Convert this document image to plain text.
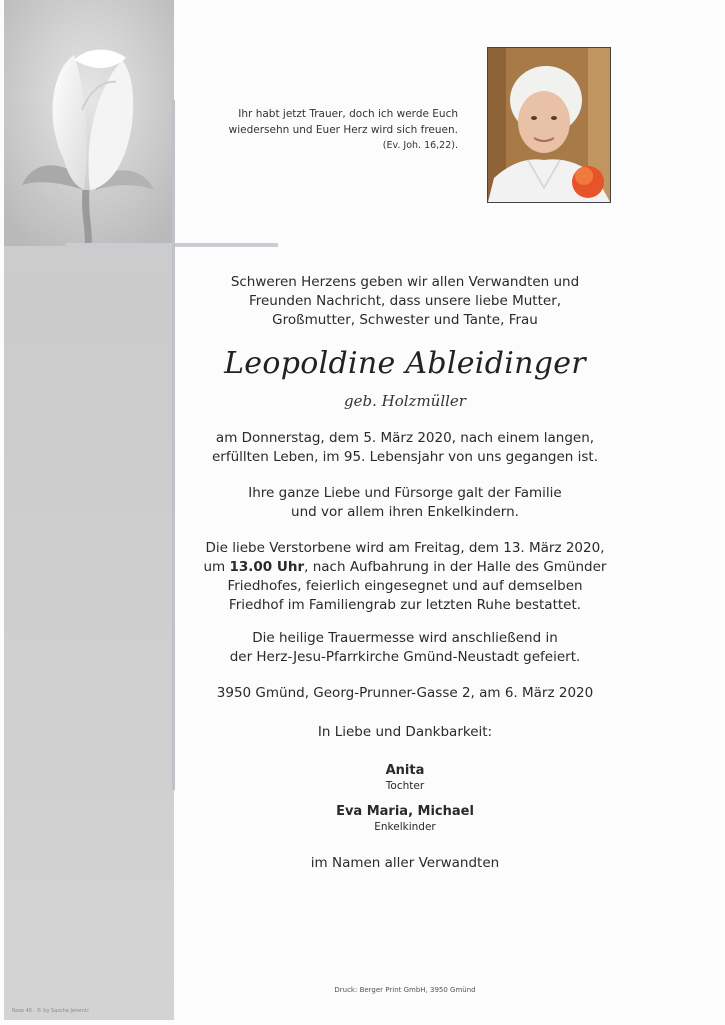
Ihr habt jetzt Trauer, doch ich werde Euch
wiedersehn und Euer Herz wird sich freuen.
(Ev. Joh. 16,22).
Schweren Herzens geben wir allen Verwandten und
Freunden Nachricht, dass unsere liebe Mutter,
Großmutter, Schwester und Tante, Frau
Leopoldine Ableidinger
geb. Holzmüller
am Donnerstag, dem 5. März 2020, nach einem langen,
erfüllten Leben, im 95. Lebensjahr von uns gegangen ist.
Ihre ganze Liebe und Fürsorge galt der Familie
und vor allem ihren Enkelkindern.
Die liebe Verstorbene wird am Freitag, dem 13. März 2020,
um 13.00 Uhr, nach Aufbahrung in der Halle des Gmünder
Friedhofes, feierlich eingesegnet und auf demselben
Friedhof im Familiengrab zur letzten Ruhe bestattet.
Die heilige Trauermesse wird anschließend in
der Herz-Jesu-Pfarrkirche Gmünd-Neustadt gefeiert.
3950 Gmünd, Georg-Prunner-Gasse 2, am 6. März 2020
In Liebe und Dankbarkeit:
Anita
Tochter
Eva Maria, Michael
Enkelkinder
im Namen aller Verwandten
Druck: Berger Print GmbH, 3950 Gmünd
Rose 46 · © by Sascha Jeremic
